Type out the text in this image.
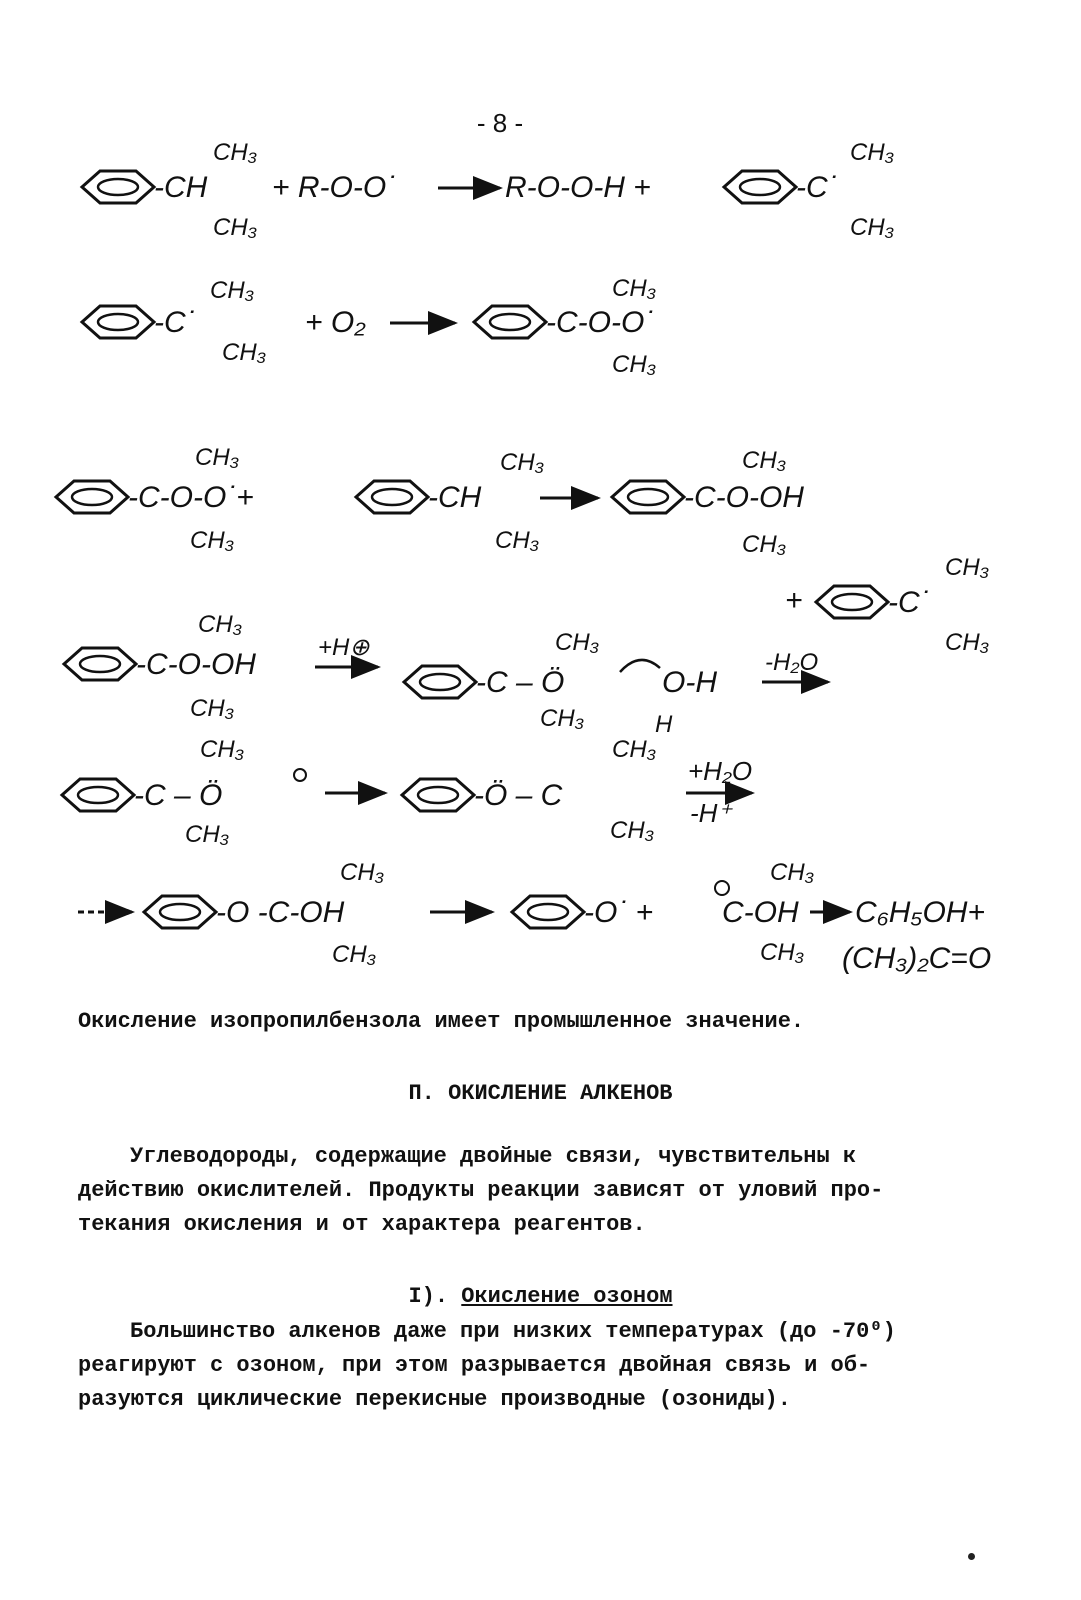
- 8 -
-CH
CH₃
CH₃
+ R-O-O˙	R-O-O-H +	-C˙
CH₃
CH₃
-C˙
CH₃
CH₃
+ O₂	-C-O-O˙
CH₃
CH₃
-C-O-O˙+
CH₃
CH₃
-CH
CH₃
CH₃
-C-O-OH
CH₃
CH₃
+	-C˙
CH₃
CH₃
-C-O-OH
CH₃
CH₃
+H⊕
-C – Ö
CH₃
CH₃
O-H
H
-H₂O
-C – Ö
CH₃
CH₃
-Ö – C
CH₃
CH₃
+H₂O
-H⁺
-O -C-OH
CH₃
CH₃
-O˙ + C-OH
CH₃
CH₃
C₆H₅OH+
(CH₃)₂C=O
Окисление изопропилбензола имеет промышленное значение.
П. ОКИСЛЕНИЕ АЛКЕНОВ
Углеводороды, содержащие двойные связи, чувствительны к
действию окислителей. Продукты реакции зависят от уловий про-
текания окисления и от характера реагентов.
I). Окисление озоном
Большинство алкенов даже при низких температурах (до -70⁰)
реагируют с озоном, при этом разрывается двойная связь и об-
разуются циклические перекисные производные (озониды).
